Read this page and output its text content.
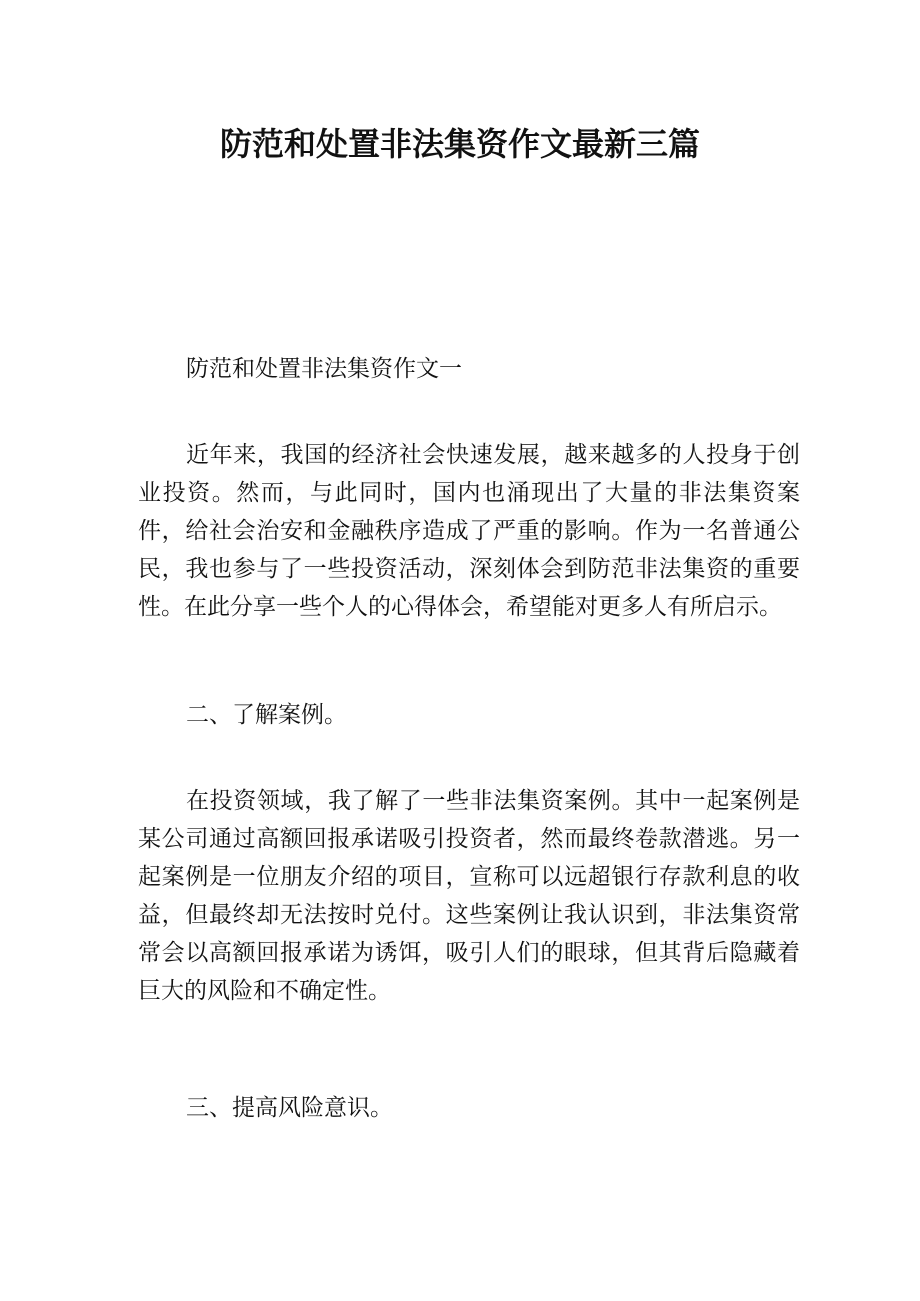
防范和处置非法集资作文最新三篇

防范和处置非法集资作文一

近年来，我国的经济社会快速发展，越来越多的人投身于创业投资。然而，与此同时，国内也涌现出了大量的非法集资案件，给社会治安和金融秩序造成了严重的影响。作为一名普通公民，我也参与了一些投资活动，深刻体会到防范非法集资的重要性。在此分享一些个人的心得体会，希望能对更多人有所启示。

二、了解案例。

在投资领域，我了解了一些非法集资案例。其中一起案例是某公司通过高额回报承诺吸引投资者，然而最终卷款潜逃。另一起案例是一位朋友介绍的项目，宣称可以远超银行存款利息的收益，但最终却无法按时兑付。这些案例让我认识到，非法集资常常会以高额回报承诺为诱饵，吸引人们的眼球，但其背后隐藏着巨大的风险和不确定性。

三、提高风险意识。
